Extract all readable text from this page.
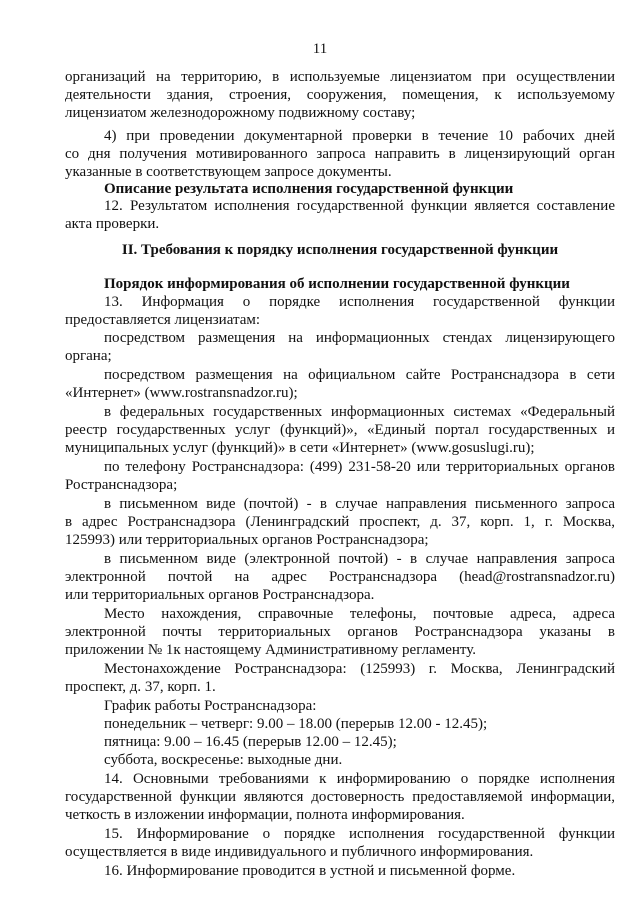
11
организаций на территорию, в используемые лицензиатом при осуществлении
деятельности здания, строения, сооружения, помещения, к используемому
лицензиатом железнодорожному подвижному составу;
4) при проведении документарной проверки в течение 10 рабочих дней
со дня получения мотивированного запроса направить в лицензирующий орган
указанные в соответствующем запросе документы.
Описание результата исполнения государственной функции
12. Результатом исполнения государственной функции является составление
акта проверки.
II. Требования к порядку исполнения государственной функции
Порядок информирования об исполнении государственной функции
13. Информация о порядке исполнения государственной функции
предоставляется лицензиатам:
посредством размещения на информационных стендах лицензирующего
органа;
посредством размещения на официальном сайте Ространснадзора в сети
«Интернет» (www.rostransnadzor.ru);
в федеральных государственных информационных системах «Федеральный
реестр государственных услуг (функций)», «Единый портал государственных и
муниципальных услуг (функций)» в сети «Интернет» (www.gosuslugi.ru);
по телефону Ространснадзора: (499) 231-58-20 или территориальных органов
Ространснадзора;
в письменном виде (почтой) - в случае направления письменного запроса
в адрес Ространснадзора (Ленинградский проспект, д. 37, корп. 1, г. Москва,
125993) или территориальных органов Ространснадзора;
в письменном виде (электронной почтой) - в случае направления запроса
электронной почтой на адрес Ространснадзора (head@rostransnadzor.ru)
или территориальных органов Ространснадзора.
Место нахождения, справочные телефоны, почтовые адреса, адреса
электронной почты территориальных органов Ространснадзора указаны в
приложении № 1к настоящему Административному регламенту.
Местонахождение Ространснадзора: (125993) г. Москва, Ленинградский
проспект, д. 37, корп. 1.
График работы Ространснадзора:
понедельник – четверг: 9.00 – 18.00 (перерыв 12.00 - 12.45);
пятница: 9.00 – 16.45 (перерыв 12.00 – 12.45);
суббота, воскресенье: выходные дни.
14. Основными требованиями к информированию о порядке исполнения
государственной функции являются достоверность предоставляемой информации,
четкость в изложении информации, полнота информирования.
15. Информирование о порядке исполнения государственной функции
осуществляется в виде индивидуального и публичного информирования.
16. Информирование проводится в устной и письменной форме.
